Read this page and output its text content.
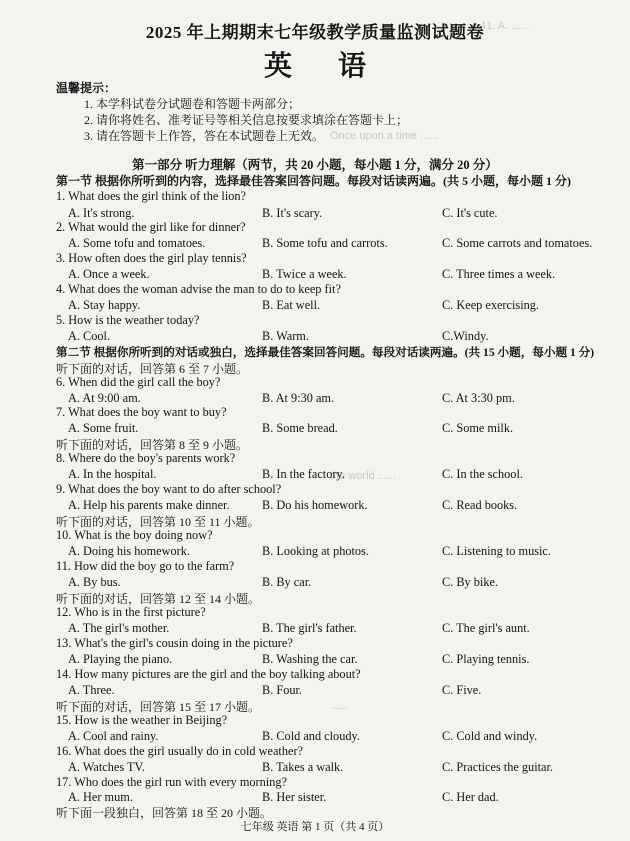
41. A. ......
Once upon a time ......
the world ......
......
2025 年上期期末七年级教学质量监测试题卷
英语
温馨提示：
1. 本学科试卷分试题卷和答题卡两部分；
2. 请你将姓名、准考证号等相关信息按要求填涂在答题卡上；
3. 请在答题卡上作答，答在本试题卷上无效。
第一部分 听力理解（两节，共 20 小题，每小题 1 分，满分 20 分）
第一节 根据你所听到的内容，选择最佳答案回答问题。每段对话读两遍。(共 5 小题，每小题 1 分)
1. What does the girl think of the lion?
A. It's strong.	B. It's scary.	C. It's cute.
2. What would the girl like for dinner?
A. Some tofu and tomatoes.	B. Some tofu and carrots.	C. Some carrots and tomatoes.
3. How often does the girl play tennis?
A. Once a week.	B. Twice a week.	C. Three times a week.
4. What does the woman advise the man to do to keep fit?
A. Stay happy.	B. Eat well.	C. Keep exercising.
5. How is the weather today?
A. Cool.	B. Warm.	C.Windy.
第二节 根据你所听到的对话或独白，选择最佳答案回答问题。每段对话读两遍。(共 15 小题，每小题 1 分)
听下面的对话，回答第 6 至 7 小题。
6. When did the girl call the boy?
A. At 9:00 am.	B. At 9:30 am.	C. At 3:30 pm.
7. What does the boy want to buy?
A. Some fruit.	B. Some bread.	C. Some milk.
听下面的对话，回答第 8 至 9 小题。
8. Where do the boy's parents work?
A. In the hospital.	B. In the factory.	C. In the school.
9. What does the boy want to do after school?
A. Help his parents make dinner.	B. Do his homework.	C. Read books.
听下面的对话，回答第 10 至 11 小题。
10. What is the boy doing now?
A. Doing his homework.	B. Looking at photos.	C. Listening to music.
11. How did the boy go to the farm?
A. By bus.	B. By car.	C. By bike.
听下面的对话，回答第 12 至 14 小题。
12. Who is in the first picture?
A. The girl's mother.	B. The girl's father.	C. The girl's aunt.
13. What's the girl's cousin doing in the picture?
A. Playing the piano.	B. Washing the car.	C. Playing tennis.
14. How many pictures are the girl and the boy talking about?
A. Three.	B. Four.	C. Five.
听下面的对话，回答第 15 至 17 小题。
15. How is the weather in Beijing?
A. Cool and rainy.	B. Cold and cloudy.	C. Cold and windy.
16. What does the girl usually do in cold weather?
A. Watches TV.	B. Takes a walk.	C. Practices the guitar.
17. Who does the girl run with every morning?
A. Her mum.	B. Her sister.	C. Her dad.
听下面一段独白，回答第 18 至 20 小题。
七年级 英语 第 1 页（共 4 页）
